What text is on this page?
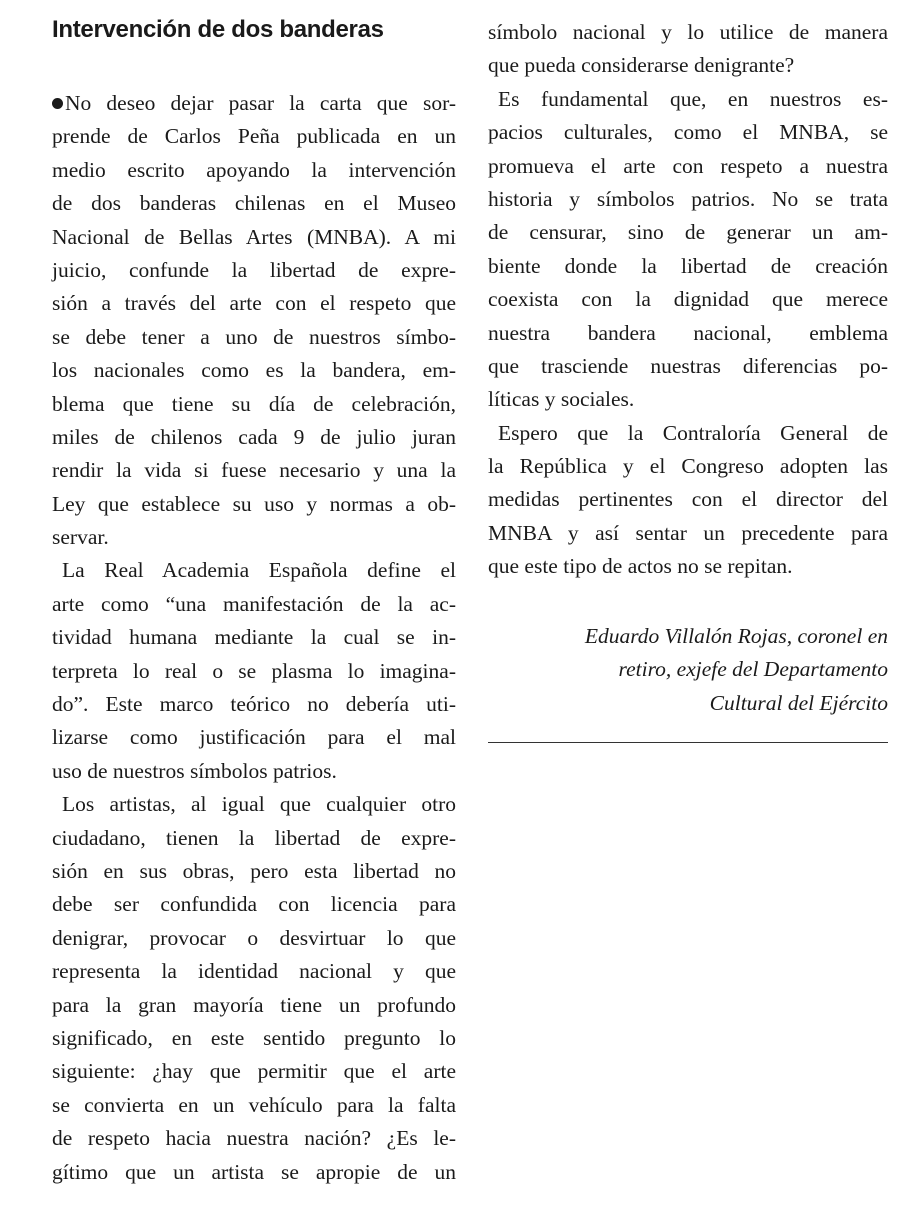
Intervención de dos banderas
No deseo dejar pasar la carta que sor-
prende de Carlos Peña publicada en un
medio escrito apoyando la intervención
de dos banderas chilenas en el Museo
Nacional de Bellas Artes (MNBA). A mi
juicio, confunde la libertad de expre-
sión a través del arte con el respeto que
se debe tener a uno de nuestros símbo-
los nacionales como es la bandera, em-
blema que tiene su día de celebración,
miles de chilenos cada 9 de julio juran
rendir la vida si fuese necesario y una la
Ley que establece su uso y normas a ob-
servar.
La Real Academia Española define el
arte como “una manifestación de la ac-
tividad humana mediante la cual se in-
terpreta lo real o se plasma lo imagina-
do”. Este marco teórico no debería uti-
lizarse como justificación para el mal
uso de nuestros símbolos patrios.
Los artistas, al igual que cualquier otro
ciudadano, tienen la libertad de expre-
sión en sus obras, pero esta libertad no
debe ser confundida con licencia para
denigrar, provocar o desvirtuar lo que
representa la identidad nacional y que
para la gran mayoría tiene un profundo
significado, en este sentido pregunto lo
siguiente: ¿hay que permitir que el arte
se convierta en un vehículo para la falta
de respeto hacia nuestra nación? ¿Es le-
gítimo que un artista se apropie de un
símbolo nacional y lo utilice de manera
que pueda considerarse denigrante?
Es fundamental que, en nuestros es-
pacios culturales, como el MNBA, se
promueva el arte con respeto a nuestra
historia y símbolos patrios. No se trata
de censurar, sino de generar un am-
biente donde la libertad de creación
coexista con la dignidad que merece
nuestra bandera nacional, emblema
que trasciende nuestras diferencias po-
líticas y sociales.
Espero que la Contraloría General de
la República y el Congreso adopten las
medidas pertinentes con el director del
MNBA y así sentar un precedente para
que este tipo de actos no se repitan.
Eduardo Villalón Rojas, coronel en
retiro, exjefe del Departamento
Cultural del Ejército
